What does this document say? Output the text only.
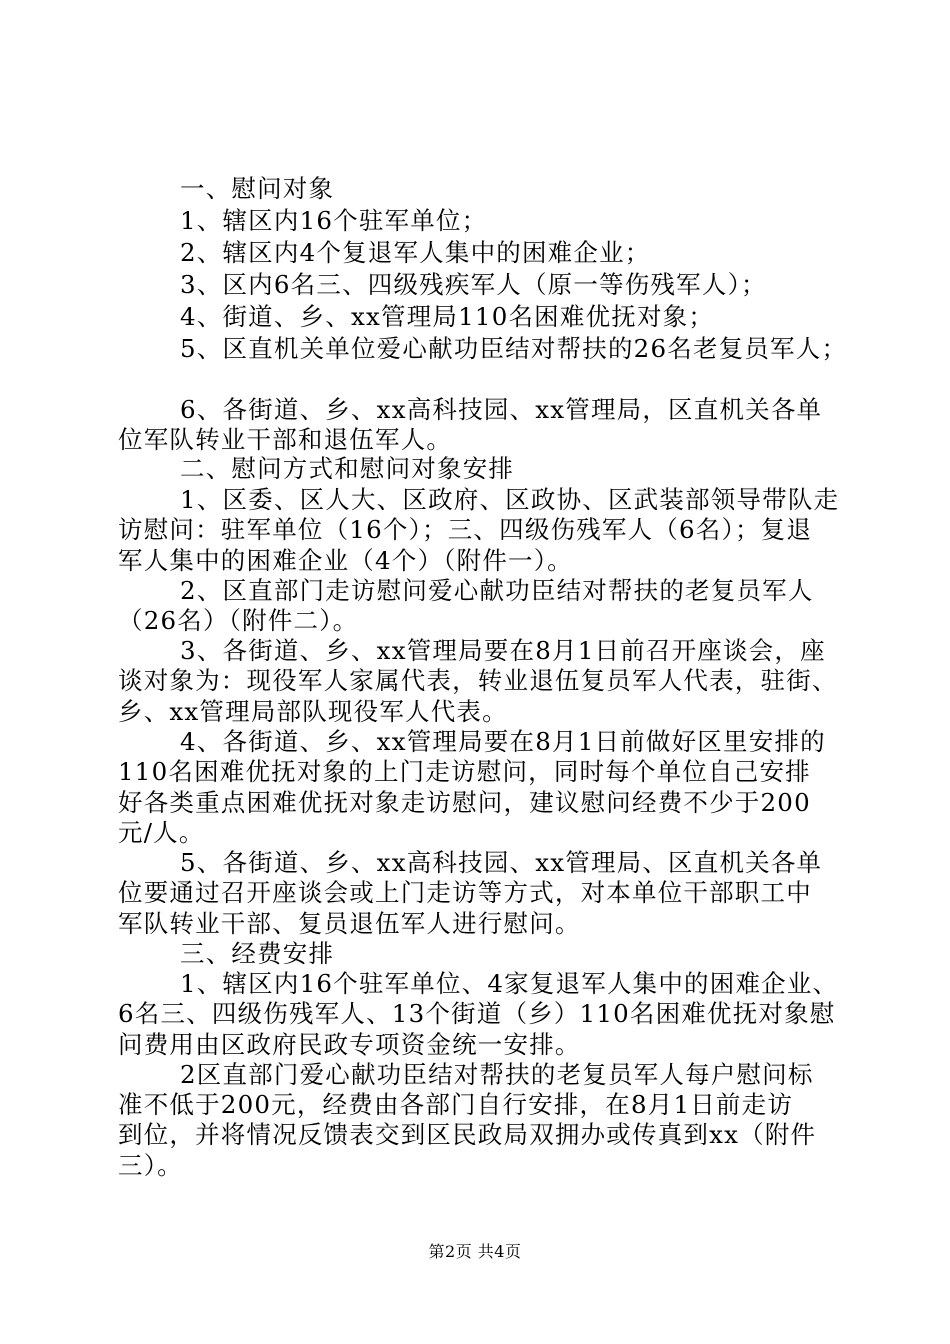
一、慰问对象
1、辖区内16个驻军单位；
2、辖区内4个复退军人集中的困难企业；
3、区内6名三、四级残疾军人（原一等伤残军人）；
4、街道、乡、xx管理局110名困难优抚对象；
5、区直机关单位爱心献功臣结对帮扶的26名老复员军人；
6、各街道、乡、xx高科技园、xx管理局，区直机关各单
位军队转业干部和退伍军人。
二、慰问方式和慰问对象安排
1、区委、区人大、区政府、区政协、区武装部领导带队走
访慰问：驻军单位（16个）；三、四级伤残军人（6名）；复退
军人集中的困难企业（4个）（附件一）。
2、区直部门走访慰问爱心献功臣结对帮扶的老复员军人
（26名）（附件二）。
3、各街道、乡、xx管理局要在8月1日前召开座谈会，座
谈对象为：现役军人家属代表，转业退伍复员军人代表，驻街、
乡、xx管理局部队现役军人代表。
4、各街道、乡、xx管理局要在8月1日前做好区里安排的
110名困难优抚对象的上门走访慰问，同时每个单位自己安排
好各类重点困难优抚对象走访慰问，建议慰问经费不少于200
元/人。
5、各街道、乡、xx高科技园、xx管理局、区直机关各单
位要通过召开座谈会或上门走访等方式，对本单位干部职工中
军队转业干部、复员退伍军人进行慰问。
三、经费安排
1、辖区内16个驻军单位、4家复退军人集中的困难企业、
6名三、四级伤残军人、13个街道（乡）110名困难优抚对象慰
问费用由区政府民政专项资金统一安排。
2区直部门爱心献功臣结对帮扶的老复员军人每户慰问标
准不低于200元，经费由各部门自行安排，在8月1日前走访
到位，并将情况反馈表交到区民政局双拥办或传真到xx（附件
三）。
第2页 共4页
